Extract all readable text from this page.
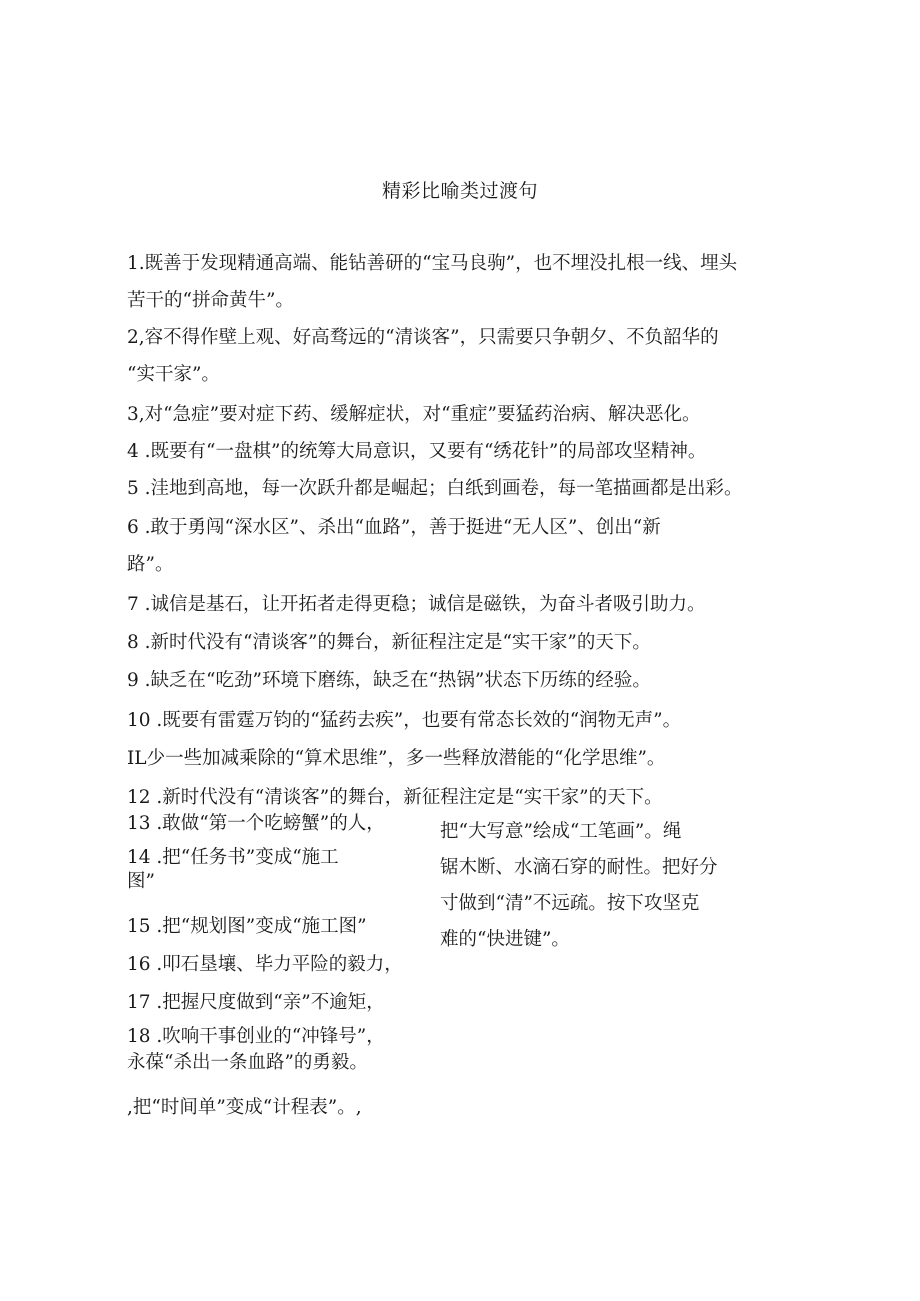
精彩比喻类过渡句
1.既善于发现精通高端、能钻善研的“宝马良驹”，也不埋没扎根一线、埋头
苦干的“拼命黄牛”。
2,容不得作壁上观、好高骛远的“清谈客”，只需要只争朝夕、不负韶华的
“实干家”。
3,对“急症”要对症下药、缓解症状，对“重症”要猛药治病、解决恶化。
4 .既要有“一盘棋”的统筹大局意识，又要有“绣花针”的局部攻坚精神。
5 .洼地到高地，每一次跃升都是崛起；白纸到画卷，每一笔描画都是出彩。
6 .敢于勇闯“深水区”、杀出“血路”，善于挺进“无人区”、创出“新
路”。
7 .诚信是基石，让开拓者走得更稳；诚信是磁铁，为奋斗者吸引助力。
8 .新时代没有“清谈客”的舞台，新征程注定是“实干家”的天下。
9 .缺乏在“吃劲”环境下磨练，缺乏在“热锅”状态下历练的经验。
10 .既要有雷霆万钧的“猛药去疾”，也要有常态长效的“润物无声”。
IL少一些加减乘除的“算术思维”，多一些释放潜能的“化学思维”。
12 .新时代没有“清谈客”的舞台，新征程注定是“实干家”的天下。
13 .敢做“第一个吃螃蟹”的人，
14 .把“任务书”变成“施工
图”
15 .把“规划图”变成“施工图”
16 .叩石垦壤、毕力平险的毅力，
17 .把握尺度做到“亲”不逾矩，
18 .吹响干事创业的“冲锋号”，
永葆“杀出一条血路”的勇毅。
,把“时间单”变成“计程表”。,
把“大写意”绘成“工笔画”。绳
锯木断、水滴石穿的耐性。把好分
寸做到“清”不远疏。按下攻坚克
难的“快进键”。
